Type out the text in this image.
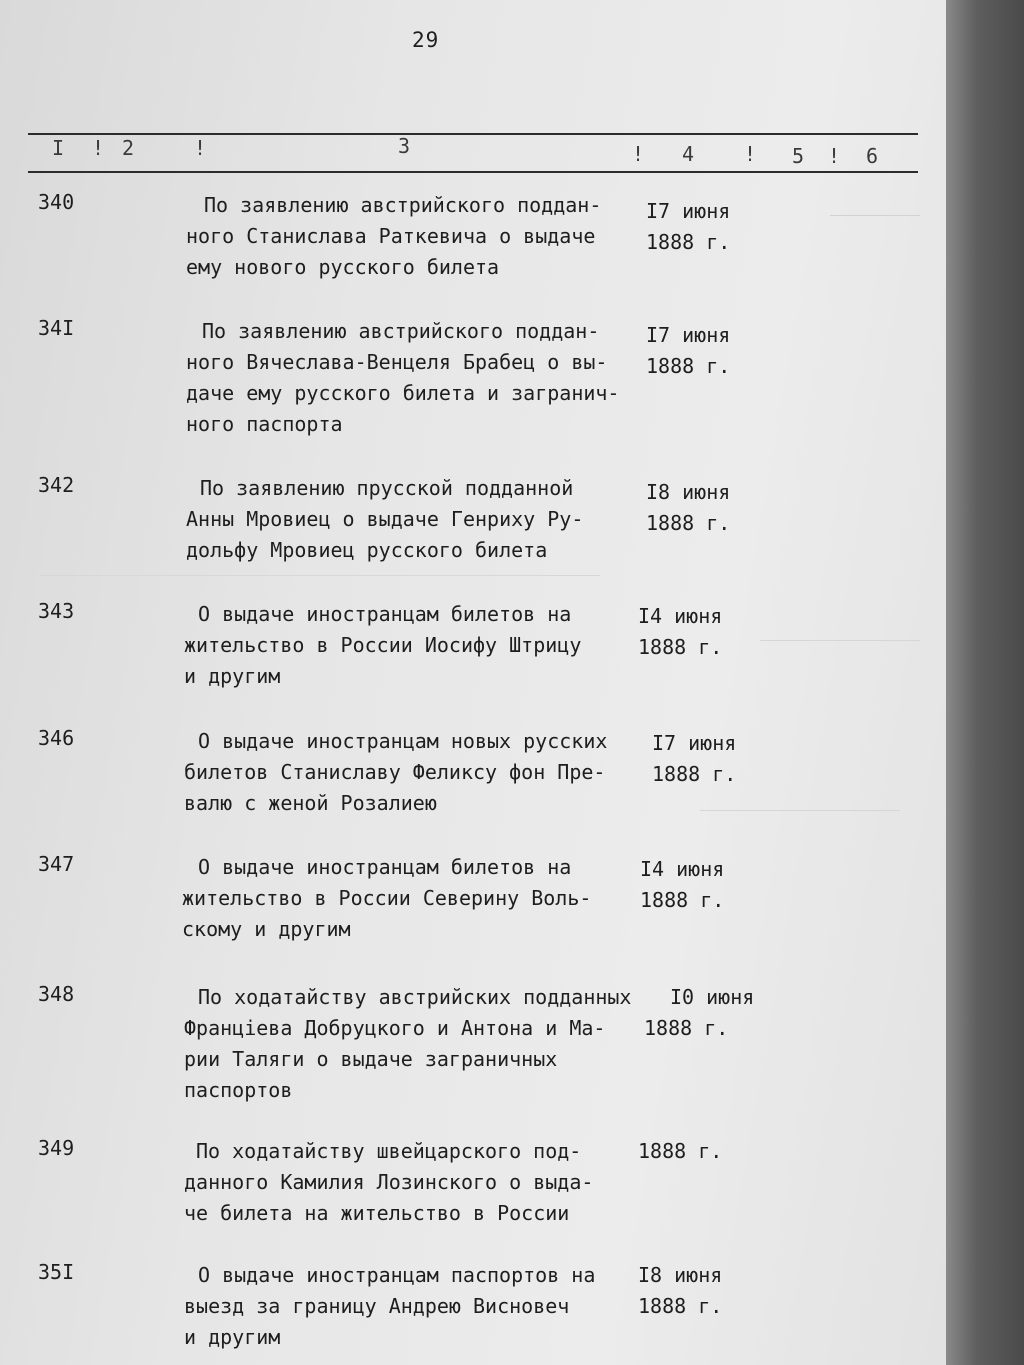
29
I ! 2	!	3	! 4 ! 5 ! 6
340	По заявлению австрийского поддан-
ного Станислава Раткевича о выдаче
ему нового русского билета
I7 июня
1888 г.
34I	По заявлению австрийского поддан-
ного Вячеслава-Венцеля Брабец о вы-
даче ему русского билета и загранич-
ного паспорта
I7 июня
1888 г.
342	По заявлению прусской подданной
Анны Мровиец о выдаче Генриху Ру-
дольфу Мровиец русского билета
I8 июня
1888 г.
343	О выдаче иностранцам билетов на
жительство в России Иосифу Штрицу
и другим
I4 июня
1888 г.
346	О выдаче иностранцам новых русских
билетов Станиславу Феликсу фон Пре-
валю с женой Розалиею
I7 июня
1888 г.
347	О выдаче иностранцам билетов на
жительство в России Северину Воль-
скому и другим
I4 июня
1888 г.
348	По ходатайству австрийских подданных
Францiева Добруцкого и Антона и Ма-
рии Таляги о выдаче заграничных
паспортов
I0 июня
1888 г.
349	По ходатайству швейцарского под-
данного Камилия Лозинского о выда-
че билета на жительство в России
1888 г.
35I	О выдаче иностранцам паспортов на
выезд за границу Андрею Висновеч
и другим
I8 июня
1888 г.
